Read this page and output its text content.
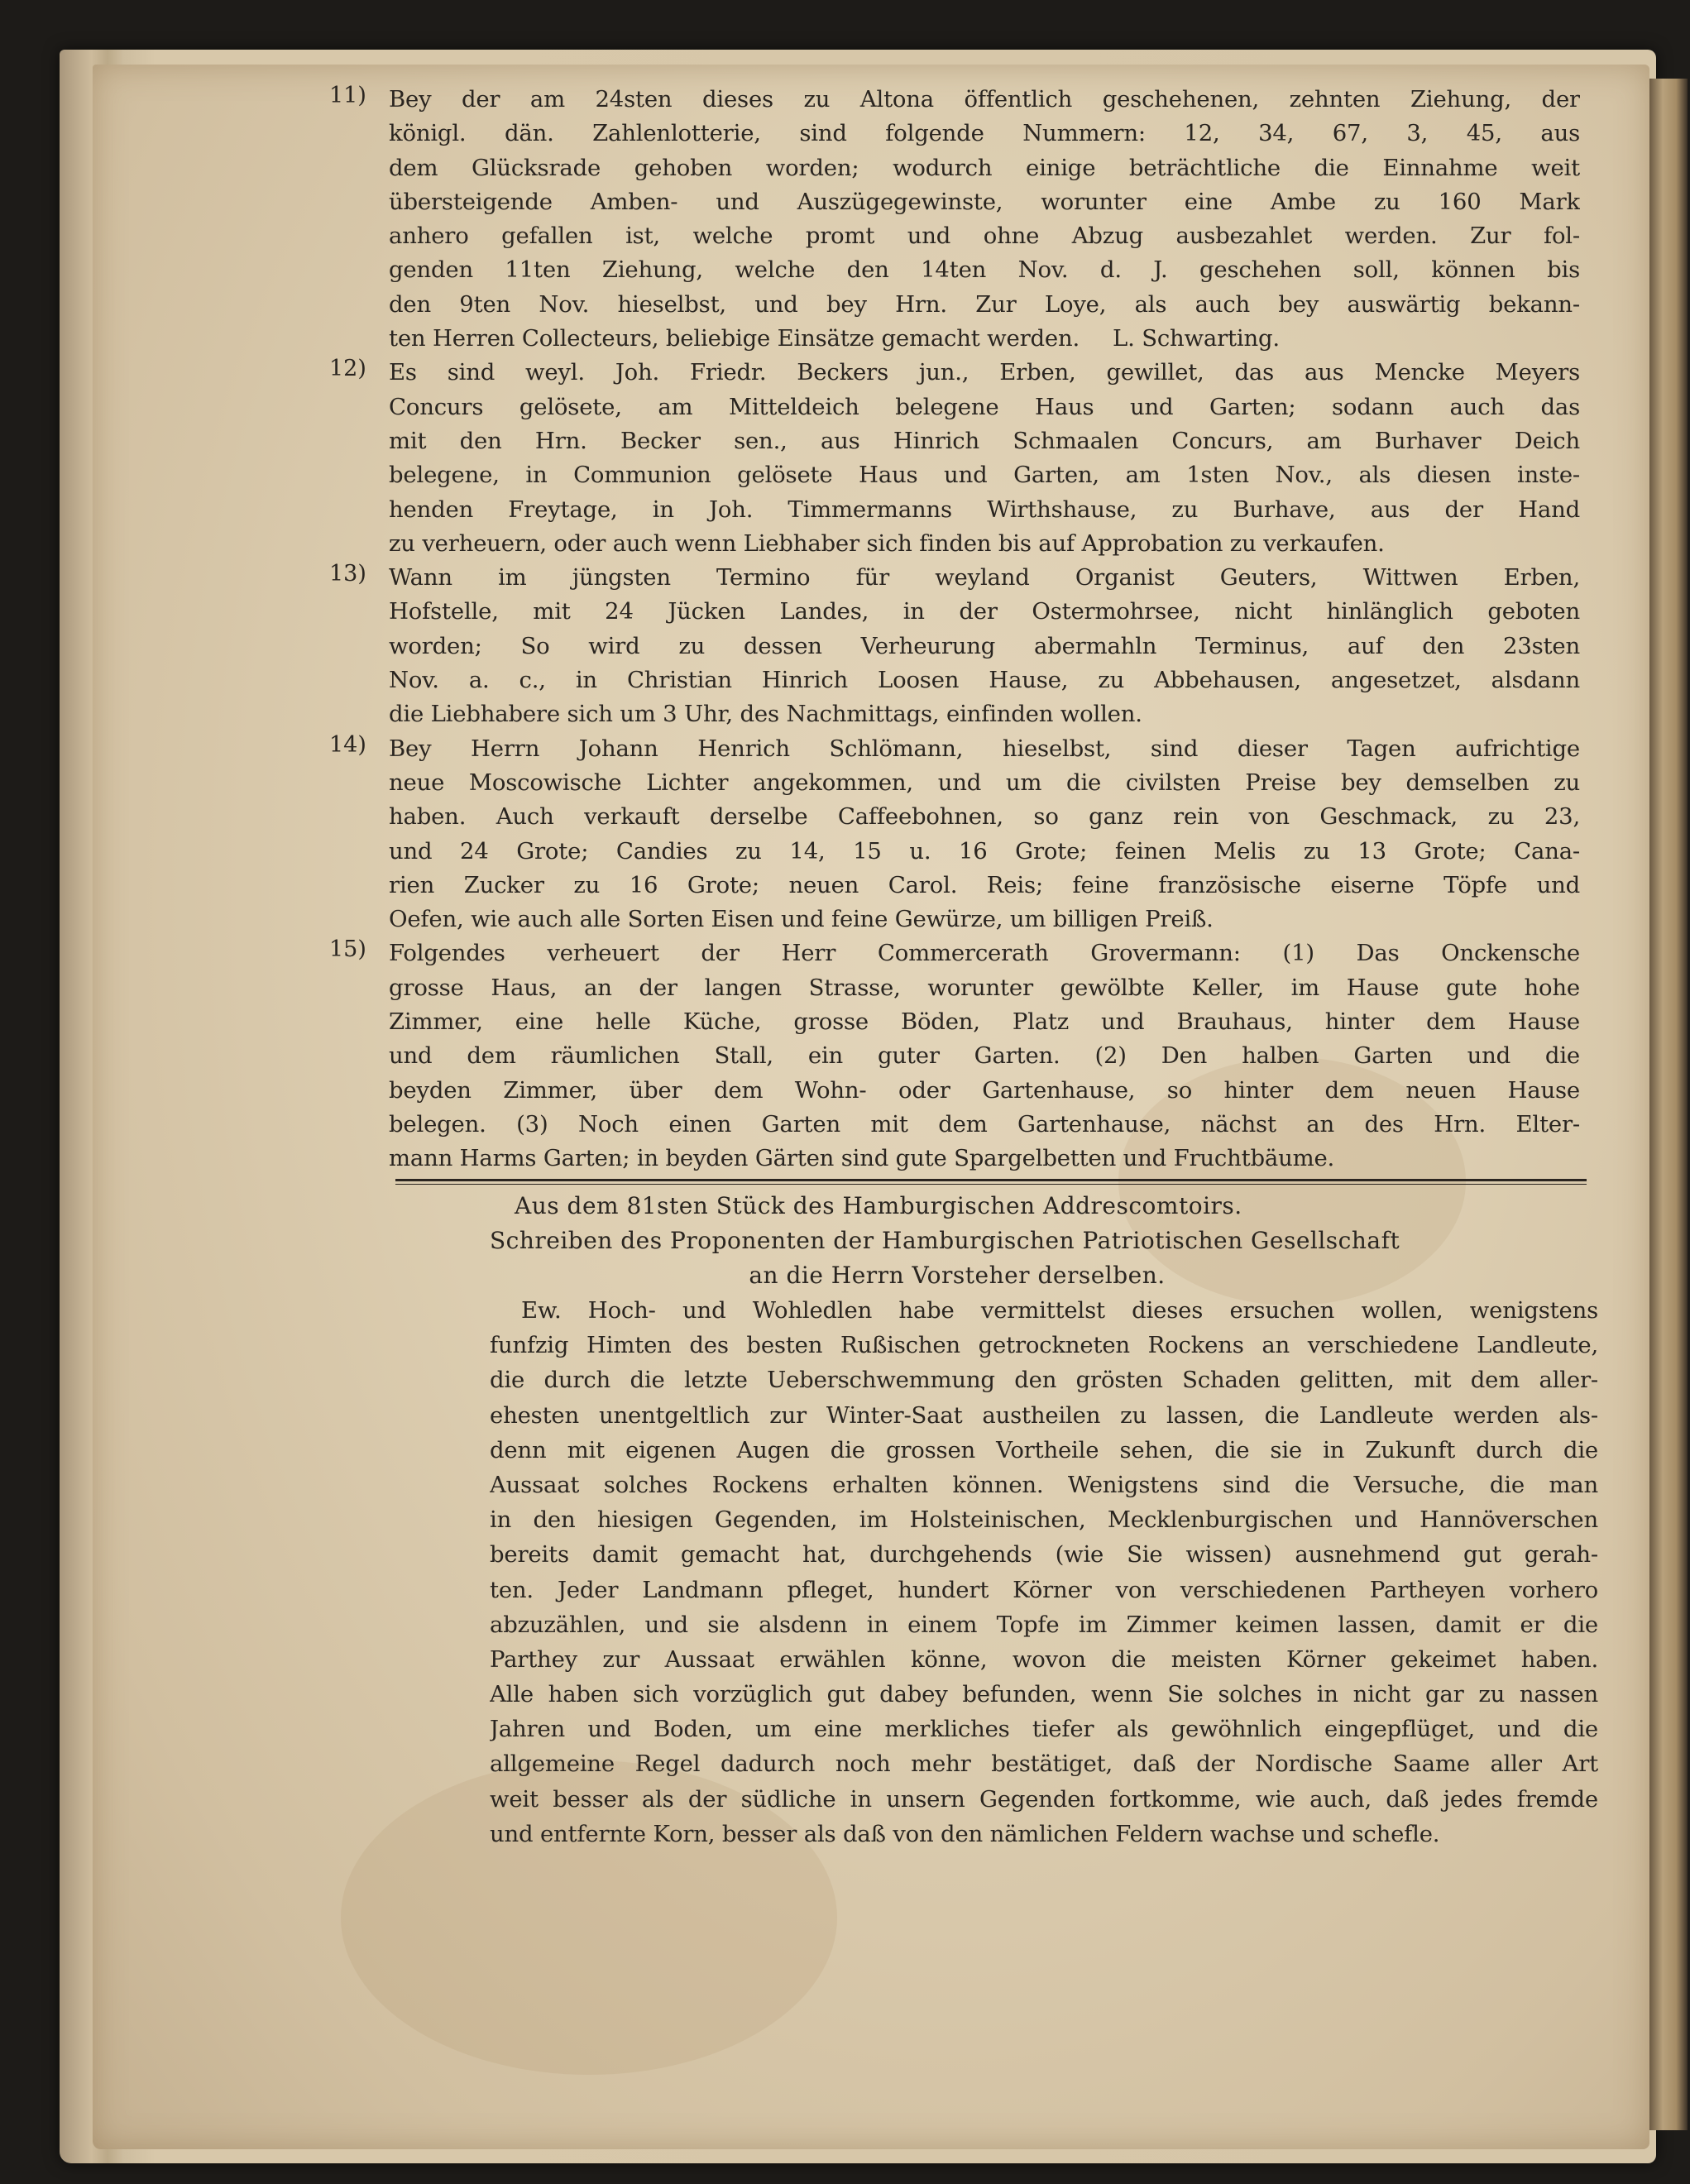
11) Bey der am 24sten dieses zu Altona öffentlich geschehenen, zehnten Ziehung, der
königl. dän. Zahlenlotterie, sind folgende Nummern: 12, 34, 67, 3, 45, aus
dem Glücksrade gehoben worden; wodurch einige beträchtliche die Einnahme weit
übersteigende Amben- und Auszügegewinste, worunter eine Ambe zu 160 Mark
anhero gefallen ist, welche promt und ohne Abzug ausbezahlet werden. Zur fol-
genden 11ten Ziehung, welche den 14ten Nov. d. J. geschehen soll, können bis
den 9ten Nov. hieselbst, und bey Hrn. Zur Loye, als auch bey auswärtig bekann-
ten Herren Collecteurs, beliebige Einsätze gemacht werden. L. Schwarting.
12) Es sind weyl. Joh. Friedr. Beckers jun., Erben, gewillet, das aus Mencke Meyers
Concurs gelösete, am Mitteldeich belegene Haus und Garten; sodann auch das
mit den Hrn. Becker sen., aus Hinrich Schmaalen Concurs, am Burhaver Deich
belegene, in Communion gelösete Haus und Garten, am 1sten Nov., als diesen inste-
henden Freytage, in Joh. Timmermanns Wirthshause, zu Burhave, aus der Hand
zu verheuern, oder auch wenn Liebhaber sich finden bis auf Approbation zu verkaufen.
13) Wann im jüngsten Termino für weyland Organist Geuters, Wittwen Erben,
Hofstelle, mit 24 Jücken Landes, in der Ostermohrsee, nicht hinlänglich geboten
worden; So wird zu dessen Verheurung abermahln Terminus, auf den 23sten
Nov. a. c., in Christian Hinrich Loosen Hause, zu Abbehausen, angesetzet, alsdann
die Liebhabere sich um 3 Uhr, des Nachmittags, einfinden wollen.
14) Bey Herrn Johann Henrich Schlömann, hieselbst, sind dieser Tagen aufrichtige
neue Moscowische Lichter angekommen, und um die civilsten Preise bey demselben zu
haben. Auch verkauft derselbe Caffeebohnen, so ganz rein von Geschmack, zu 23,
und 24 Grote; Candies zu 14, 15 u. 16 Grote; feinen Melis zu 13 Grote; Cana-
rien Zucker zu 16 Grote; neuen Carol. Reis; feine französische eiserne Töpfe und
Oefen, wie auch alle Sorten Eisen und feine Gewürze, um billigen Preiß.
15) Folgendes verheuert der Herr Commercerath Grovermann: (1) Das Onckensche
grosse Haus, an der langen Strasse, worunter gewölbte Keller, im Hause gute hohe
Zimmer, eine helle Küche, grosse Böden, Platz und Brauhaus, hinter dem Hause
und dem räumlichen Stall, ein guter Garten. (2) Den halben Garten und die
beyden Zimmer, über dem Wohn- oder Gartenhause, so hinter dem neuen Hause
belegen. (3) Noch einen Garten mit dem Gartenhause, nächst an des Hrn. Elter-
mann Harms Garten; in beyden Gärten sind gute Spargelbetten und Fruchtbäume.
Aus dem 81sten Stück des Hamburgischen Addrescomtoirs.
Schreiben des Proponenten der Hamburgischen Patriotischen Gesellschaft
an die Herrn Vorsteher derselben.
Ew. Hoch- und Wohledlen habe vermittelst dieses ersuchen wollen, wenigstens
funfzig Himten des besten Rußischen getrockneten Rockens an verschiedene Landleute,
die durch die letzte Ueberschwemmung den grösten Schaden gelitten, mit dem aller-
ehesten unentgeltlich zur Winter-Saat austheilen zu lassen, die Landleute werden als-
denn mit eigenen Augen die grossen Vortheile sehen, die sie in Zukunft durch die
Aussaat solches Rockens erhalten können. Wenigstens sind die Versuche, die man
in den hiesigen Gegenden, im Holsteinischen, Mecklenburgischen und Hannöverschen
bereits damit gemacht hat, durchgehends (wie Sie wissen) ausnehmend gut gerah-
ten. Jeder Landmann pfleget, hundert Körner von verschiedenen Partheyen vorhero
abzuzählen, und sie alsdenn in einem Topfe im Zimmer keimen lassen, damit er die
Parthey zur Aussaat erwählen könne, wovon die meisten Körner gekeimet haben.
Alle haben sich vorzüglich gut dabey befunden, wenn Sie solches in nicht gar zu nassen
Jahren und Boden, um eine merkliches tiefer als gewöhnlich eingepflüget, und die
allgemeine Regel dadurch noch mehr bestätiget, daß der Nordische Saame aller Art
weit besser als der südliche in unsern Gegenden fortkomme, wie auch, daß jedes fremde
und entfernte Korn, besser als daß von den nämlichen Feldern wachse und schefle.
